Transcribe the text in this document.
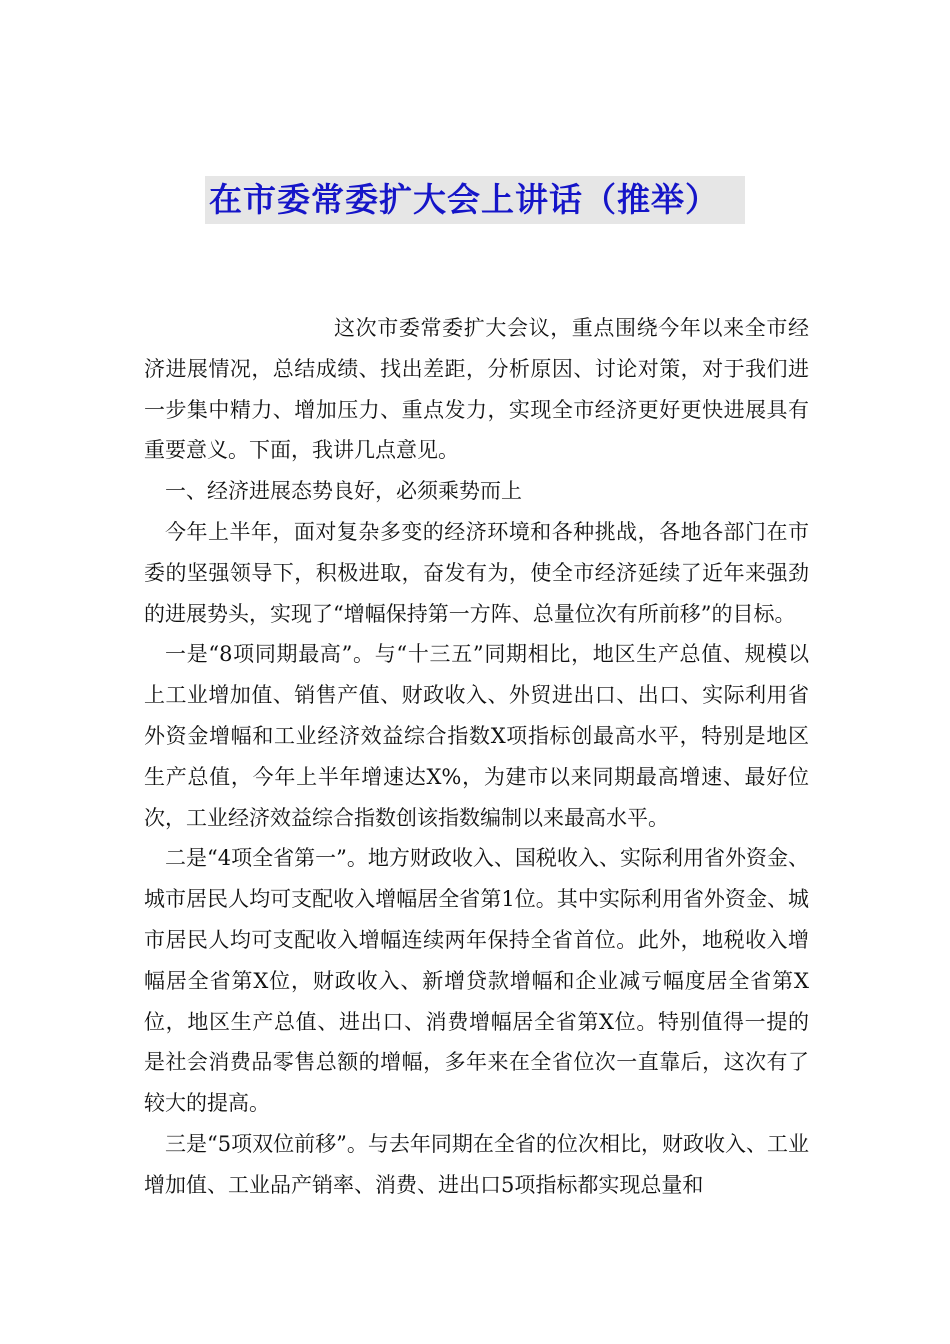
在市委常委扩大会上讲话（推举）

这次市委常委扩大会议，重点围绕今年以来全市经济进展情况，总结成绩、找出差距，分析原因、讨论对策，对于我们进一步集中精力、增加压力、重点发力，实现全市经济更好更快进展具有重要意义。下面，我讲几点意见。

一、经济进展态势良好，必须乘势而上

今年上半年，面对复杂多变的经济环境和各种挑战，各地各部门在市委的坚强领导下，积极进取，奋发有为，使全市经济延续了近年来强劲的进展势头，实现了“增幅保持第一方阵、总量位次有所前移”的目标。

一是“8项同期最高”。与“十三五”同期相比，地区生产总值、规模以上工业增加值、销售产值、财政收入、外贸进出口、出口、实际利用省外资金增幅和工业经济效益综合指数X项指标创最高水平，特别是地区生产总值，今年上半年增速达X%，为建市以来同期最高增速、最好位次，工业经济效益综合指数创该指数编制以来最高水平。

二是“4项全省第一”。地方财政收入、国税收入、实际利用省外资金、城市居民人均可支配收入增幅居全省第1位。其中实际利用省外资金、城市居民人均可支配收入增幅连续两年保持全省首位。此外，地税收入增幅居全省第X位，财政收入、新增贷款增幅和企业减亏幅度居全省第X位，地区生产总值、进出口、消费增幅居全省第X位。特别值得一提的是社会消费品零售总额的增幅，多年来在全省位次一直靠后，这次有了较大的提高。

三是“5项双位前移”。与去年同期在全省的位次相比，财政收入、工业增加值、工业品产销率、消费、进出口5项指标都实现总量和
